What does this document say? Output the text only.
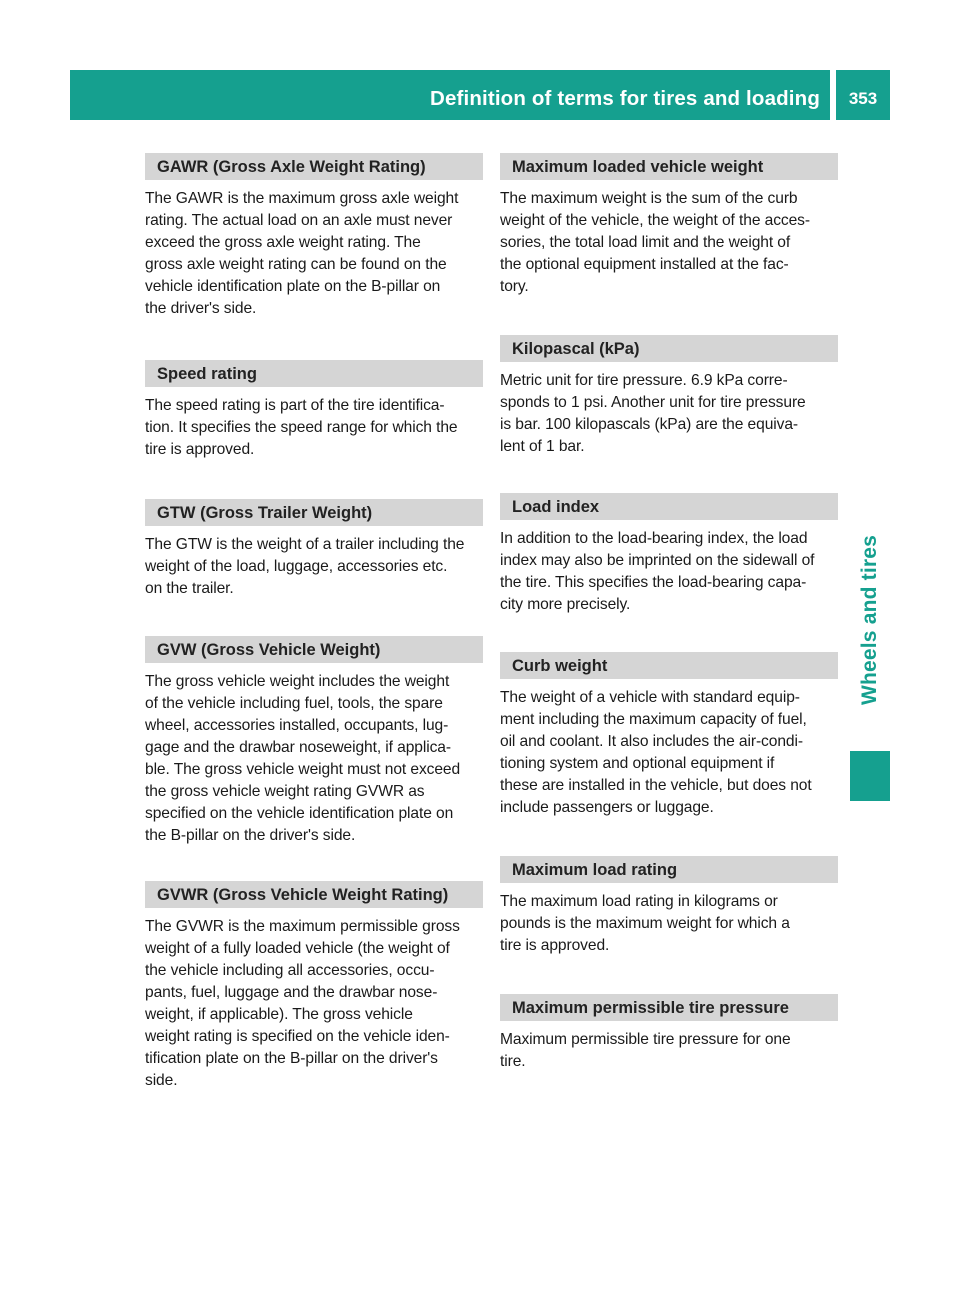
Definition of terms for tires and loading	353
Wheels and tires
GAWR (Gross Axle Weight Rating)

The GAWR is the maximum gross axle weight
rating. The actual load on an axle must never
exceed the gross axle weight rating. The
gross axle weight rating can be found on the
vehicle identification plate on the B-pillar on
the driver's side.

Speed rating

The speed rating is part of the tire identifica-
tion. It specifies the speed range for which the
tire is approved.

GTW (Gross Trailer Weight)

The GTW is the weight of a trailer including the
weight of the load, luggage, accessories etc.
on the trailer.

GVW (Gross Vehicle Weight)

The gross vehicle weight includes the weight
of the vehicle including fuel, tools, the spare
wheel, accessories installed, occupants, lug-
gage and the drawbar noseweight, if applica-
ble. The gross vehicle weight must not exceed
the gross vehicle weight rating GVWR as
specified on the vehicle identification plate on
the B-pillar on the driver's side.

GVWR (Gross Vehicle Weight Rating)

The GVWR is the maximum permissible gross
weight of a fully loaded vehicle (the weight of
the vehicle including all accessories, occu-
pants, fuel, luggage and the drawbar nose-
weight, if applicable). The gross vehicle
weight rating is specified on the vehicle iden-
tification plate on the B-pillar on the driver's
side.

Maximum loaded vehicle weight

The maximum weight is the sum of the curb
weight of the vehicle, the weight of the acces-
sories, the total load limit and the weight of
the optional equipment installed at the fac-
tory.

Kilopascal (kPa)

Metric unit for tire pressure. 6.9 kPa corre-
sponds to 1 psi. Another unit for tire pressure
is bar. 100 kilopascals (kPa) are the equiva-
lent of 1 bar.

Load index

In addition to the load-bearing index, the load
index may also be imprinted on the sidewall of
the tire. This specifies the load-bearing capa-
city more precisely.

Curb weight

The weight of a vehicle with standard equip-
ment including the maximum capacity of fuel,
oil and coolant. It also includes the air-condi-
tioning system and optional equipment if
these are installed in the vehicle, but does not
include passengers or luggage.

Maximum load rating

The maximum load rating in kilograms or
pounds is the maximum weight for which a
tire is approved.

Maximum permissible tire pressure

Maximum permissible tire pressure for one
tire.
